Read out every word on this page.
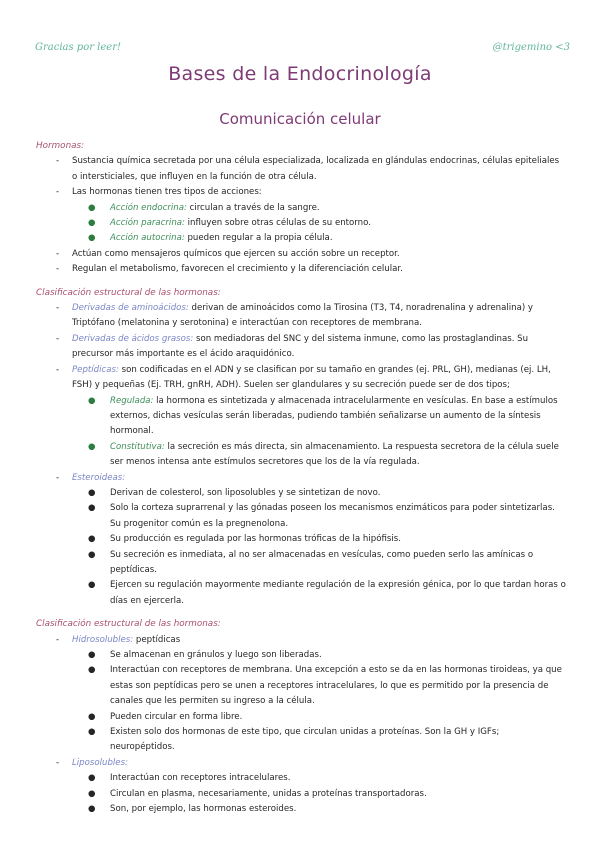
Gracias por leer!	@trigemino <3
Bases de la Endocrinología
Comunicación celular
Hormonas:
- Sustancia química secretada por una célula especializada, localizada en glándulas endocrinas, células epiteliales o intersticiales, que influyen en la función de otra célula.
- Las hormonas tienen tres tipos de acciones:
● Acción endocrina: circulan a través de la sangre.
● Acción paracrina: influyen sobre otras células de su entorno.
● Acción autocrina: pueden regular a la propia célula.
- Actúan como mensajeros químicos que ejercen su acción sobre un receptor.
- Regulan el metabolismo, favorecen el crecimiento y la diferenciación celular.
Clasificación estructural de las hormonas:
- Derivadas de aminoácidos: derivan de aminoácidos como la Tirosina (T3, T4, noradrenalina y adrenalina) y Triptófano (melatonina y serotonina) e interactúan con receptores de membrana.
- Derivadas de ácidos grasos: son mediadoras del SNC y del sistema inmune, como las prostaglandinas. Su precursor más importante es el ácido araquidónico.
- Peptídicas: son codificadas en el ADN y se clasifican por su tamaño en grandes (ej. PRL, GH), medianas (ej. LH, FSH) y pequeñas (Ej. TRH, gnRH, ADH). Suelen ser glandulares y su secreción puede ser de dos tipos;
● Regulada: la hormona es sintetizada y almacenada intracelularmente en vesículas. En base a estímulos externos, dichas vesículas serán liberadas, pudiendo también señalizarse un aumento de la síntesis hormonal.
● Constitutiva: la secreción es más directa, sin almacenamiento. La respuesta secretora de la célula suele ser menos intensa ante estímulos secretores que los de la vía regulada.
- Esteroideas:
● Derivan de colesterol, son liposolubles y se sintetizan de novo.
● Solo la corteza suprarrenal y las gónadas poseen los mecanismos enzimáticos para poder sintetizarlas. Su progenitor común es la pregnenolona.
● Su producción es regulada por las hormonas tróficas de la hipófisis.
● Su secreción es inmediata, al no ser almacenadas en vesículas, como pueden serlo las amínicas o peptídicas.
● Ejercen su regulación mayormente mediante regulación de la expresión génica, por lo que tardan horas o días en ejercerla.
Clasificación estructural de las hormonas:
- Hidrosolubles: peptídicas
● Se almacenan en gránulos y luego son liberadas.
● Interactúan con receptores de membrana. Una excepción a esto se da en las hormonas tiroideas, ya que estas son peptídicas pero se unen a receptores intracelulares, lo que es permitido por la presencia de canales que les permiten su ingreso a la célula.
● Pueden circular en forma libre.
● Existen solo dos hormonas de este tipo, que circulan unidas a proteínas. Son la GH y IGFs; neuropéptidos.
- Liposolubles:
● Interactúan con receptores intracelulares.
● Circulan en plasma, necesariamente, unidas a proteínas transportadoras.
● Son, por ejemplo, las hormonas esteroides.
